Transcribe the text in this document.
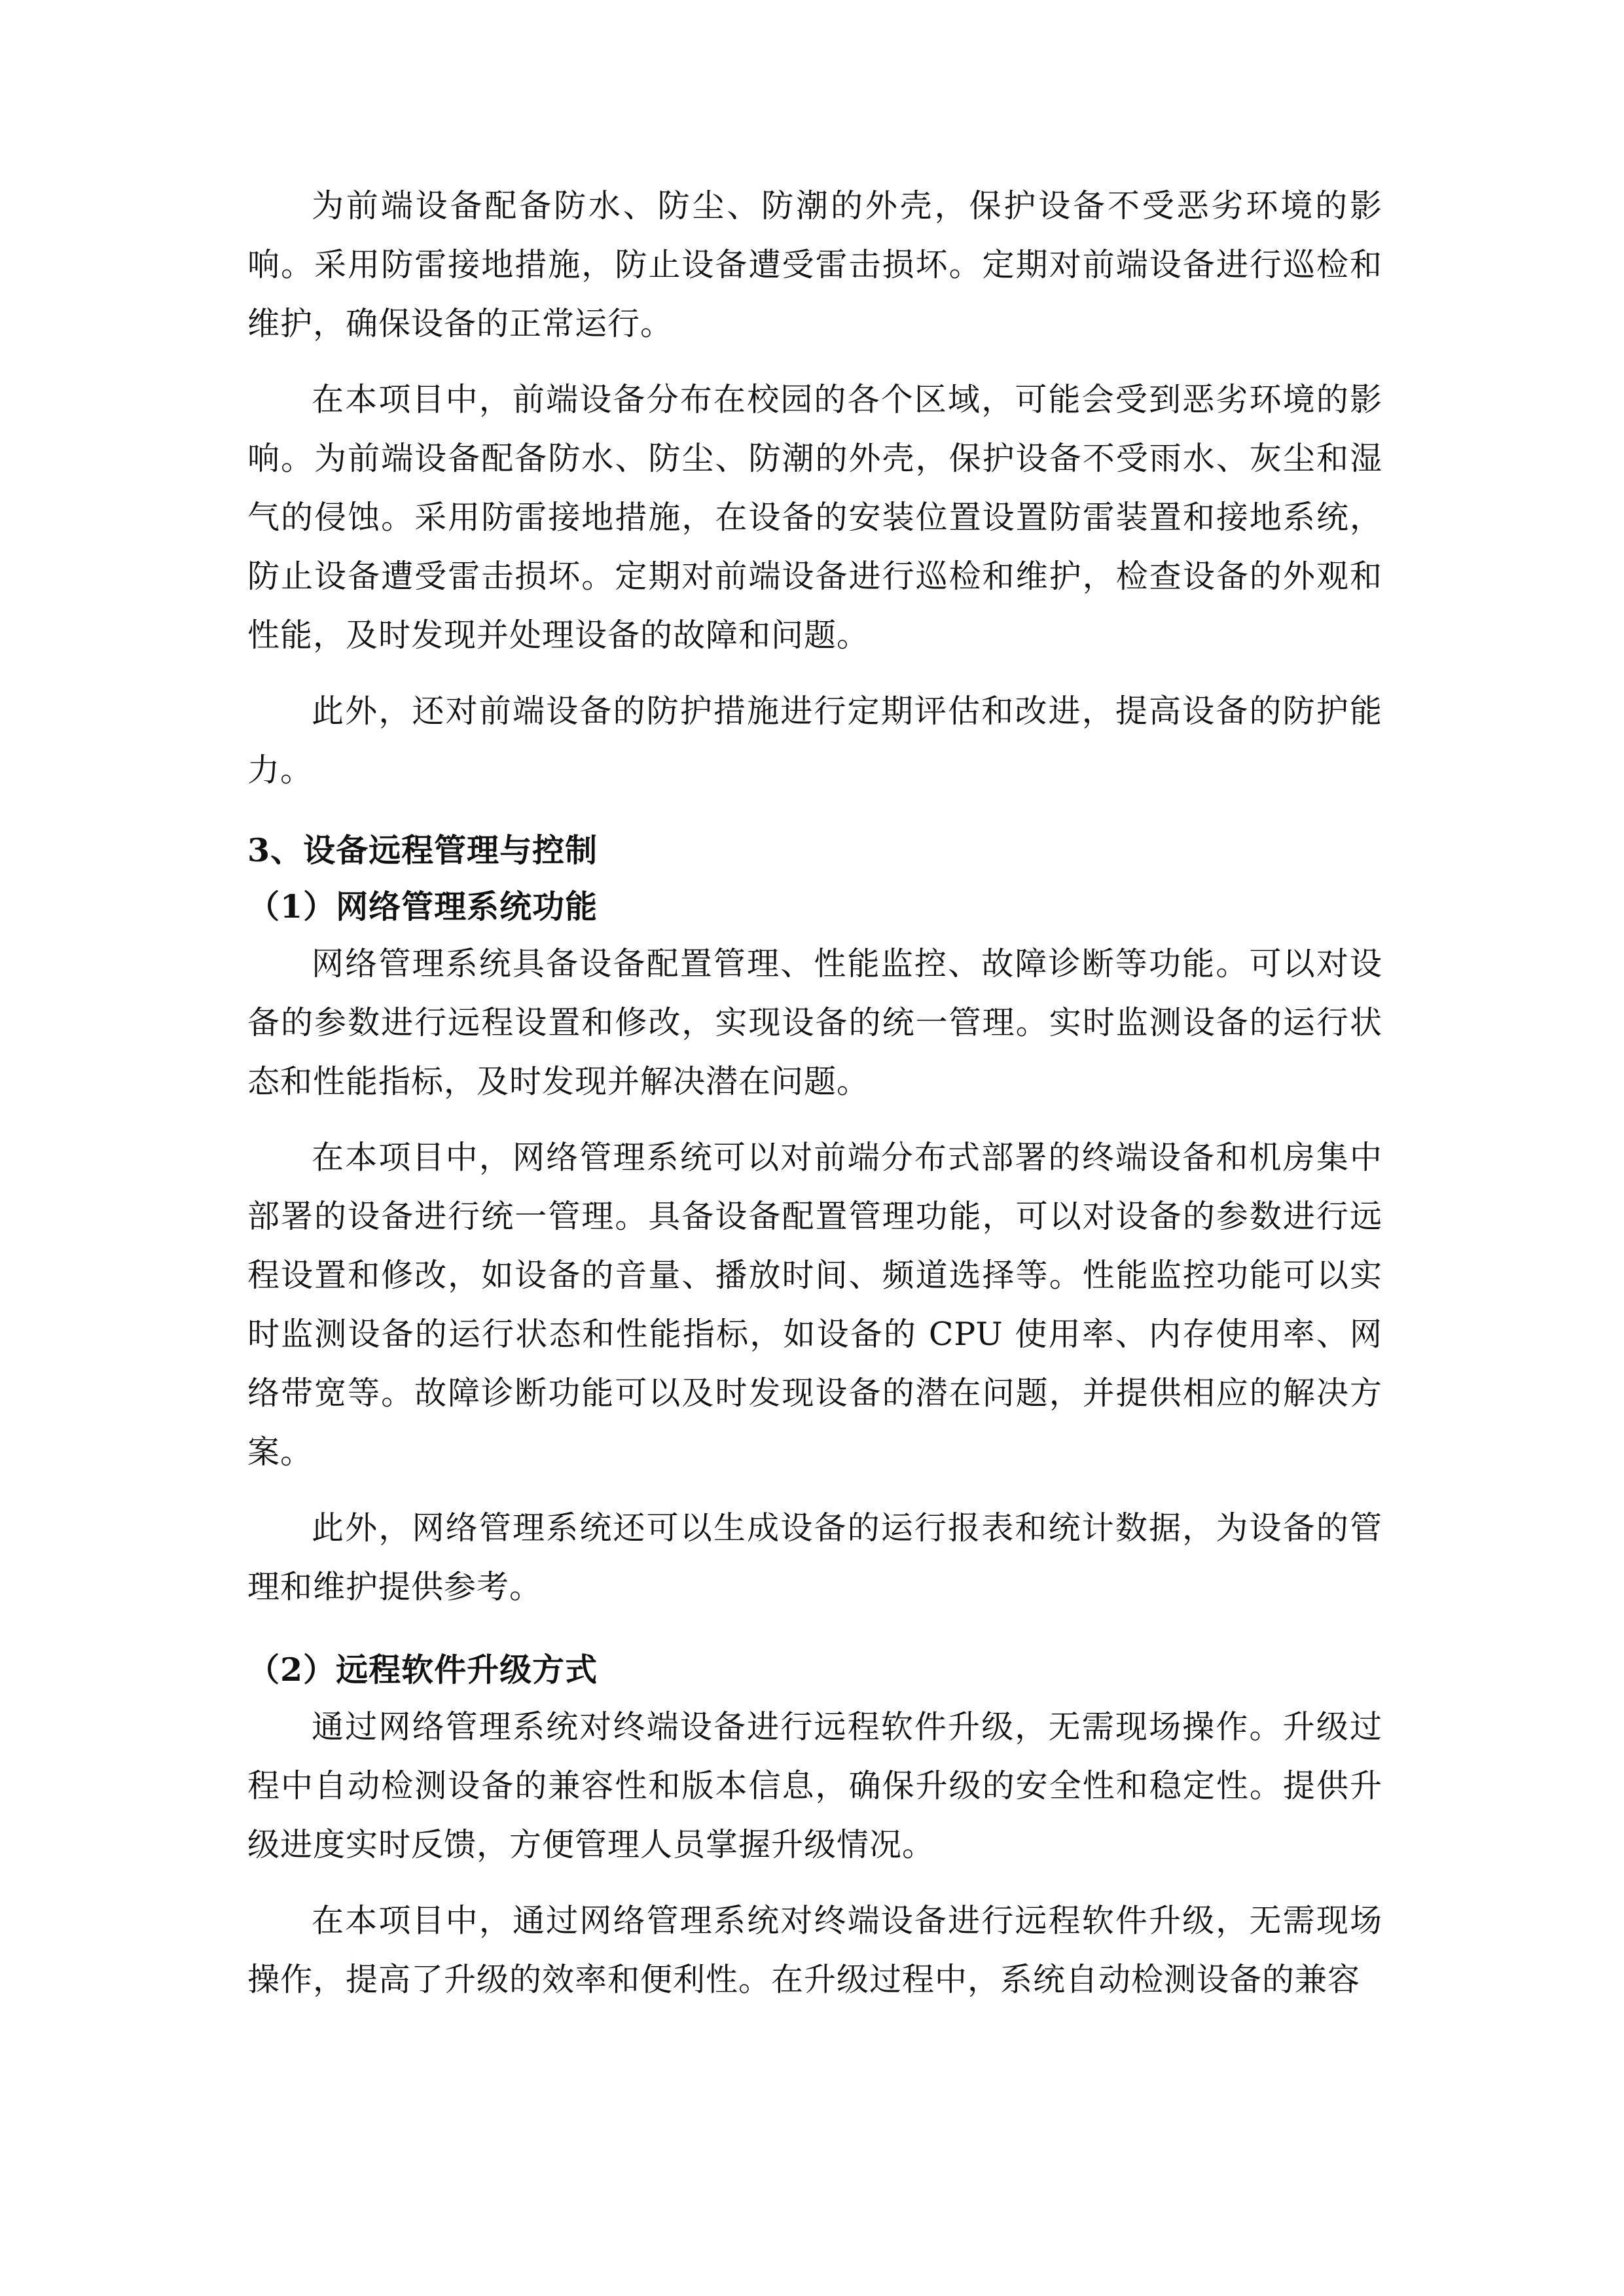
为前端设备配备防水、防尘、防潮的外壳，保护设备不受恶劣环境的影响。采用防雷接地措施，防止设备遭受雷击损坏。定期对前端设备进行巡检和维护，确保设备的正常运行。

在本项目中，前端设备分布在校园的各个区域，可能会受到恶劣环境的影响。为前端设备配备防水、防尘、防潮的外壳，保护设备不受雨水、灰尘和湿气的侵蚀。采用防雷接地措施，在设备的安装位置设置防雷装置和接地系统，防止设备遭受雷击损坏。定期对前端设备进行巡检和维护，检查设备的外观和性能，及时发现并处理设备的故障和问题。

此外，还对前端设备的防护措施进行定期评估和改进，提高设备的防护能力。

3、设备远程管理与控制
（1）网络管理系统功能

网络管理系统具备设备配置管理、性能监控、故障诊断等功能。可以对设备的参数进行远程设置和修改，实现设备的统一管理。实时监测设备的运行状态和性能指标，及时发现并解决潜在问题。

在本项目中，网络管理系统可以对前端分布式部署的终端设备和机房集中部署的设备进行统一管理。具备设备配置管理功能，可以对设备的参数进行远程设置和修改，如设备的音量、播放时间、频道选择等。性能监控功能可以实时监测设备的运行状态和性能指标，如设备的 CPU 使用率、内存使用率、网络带宽等。故障诊断功能可以及时发现设备的潜在问题，并提供相应的解决方案。

此外，网络管理系统还可以生成设备的运行报表和统计数据，为设备的管理和维护提供参考。

（2）远程软件升级方式

通过网络管理系统对终端设备进行远程软件升级，无需现场操作。升级过程中自动检测设备的兼容性和版本信息，确保升级的安全性和稳定性。提供升级进度实时反馈，方便管理人员掌握升级情况。

在本项目中，通过网络管理系统对终端设备进行远程软件升级，无需现场操作，提高了升级的效率和便利性。在升级过程中，系统自动检测设备的兼容
